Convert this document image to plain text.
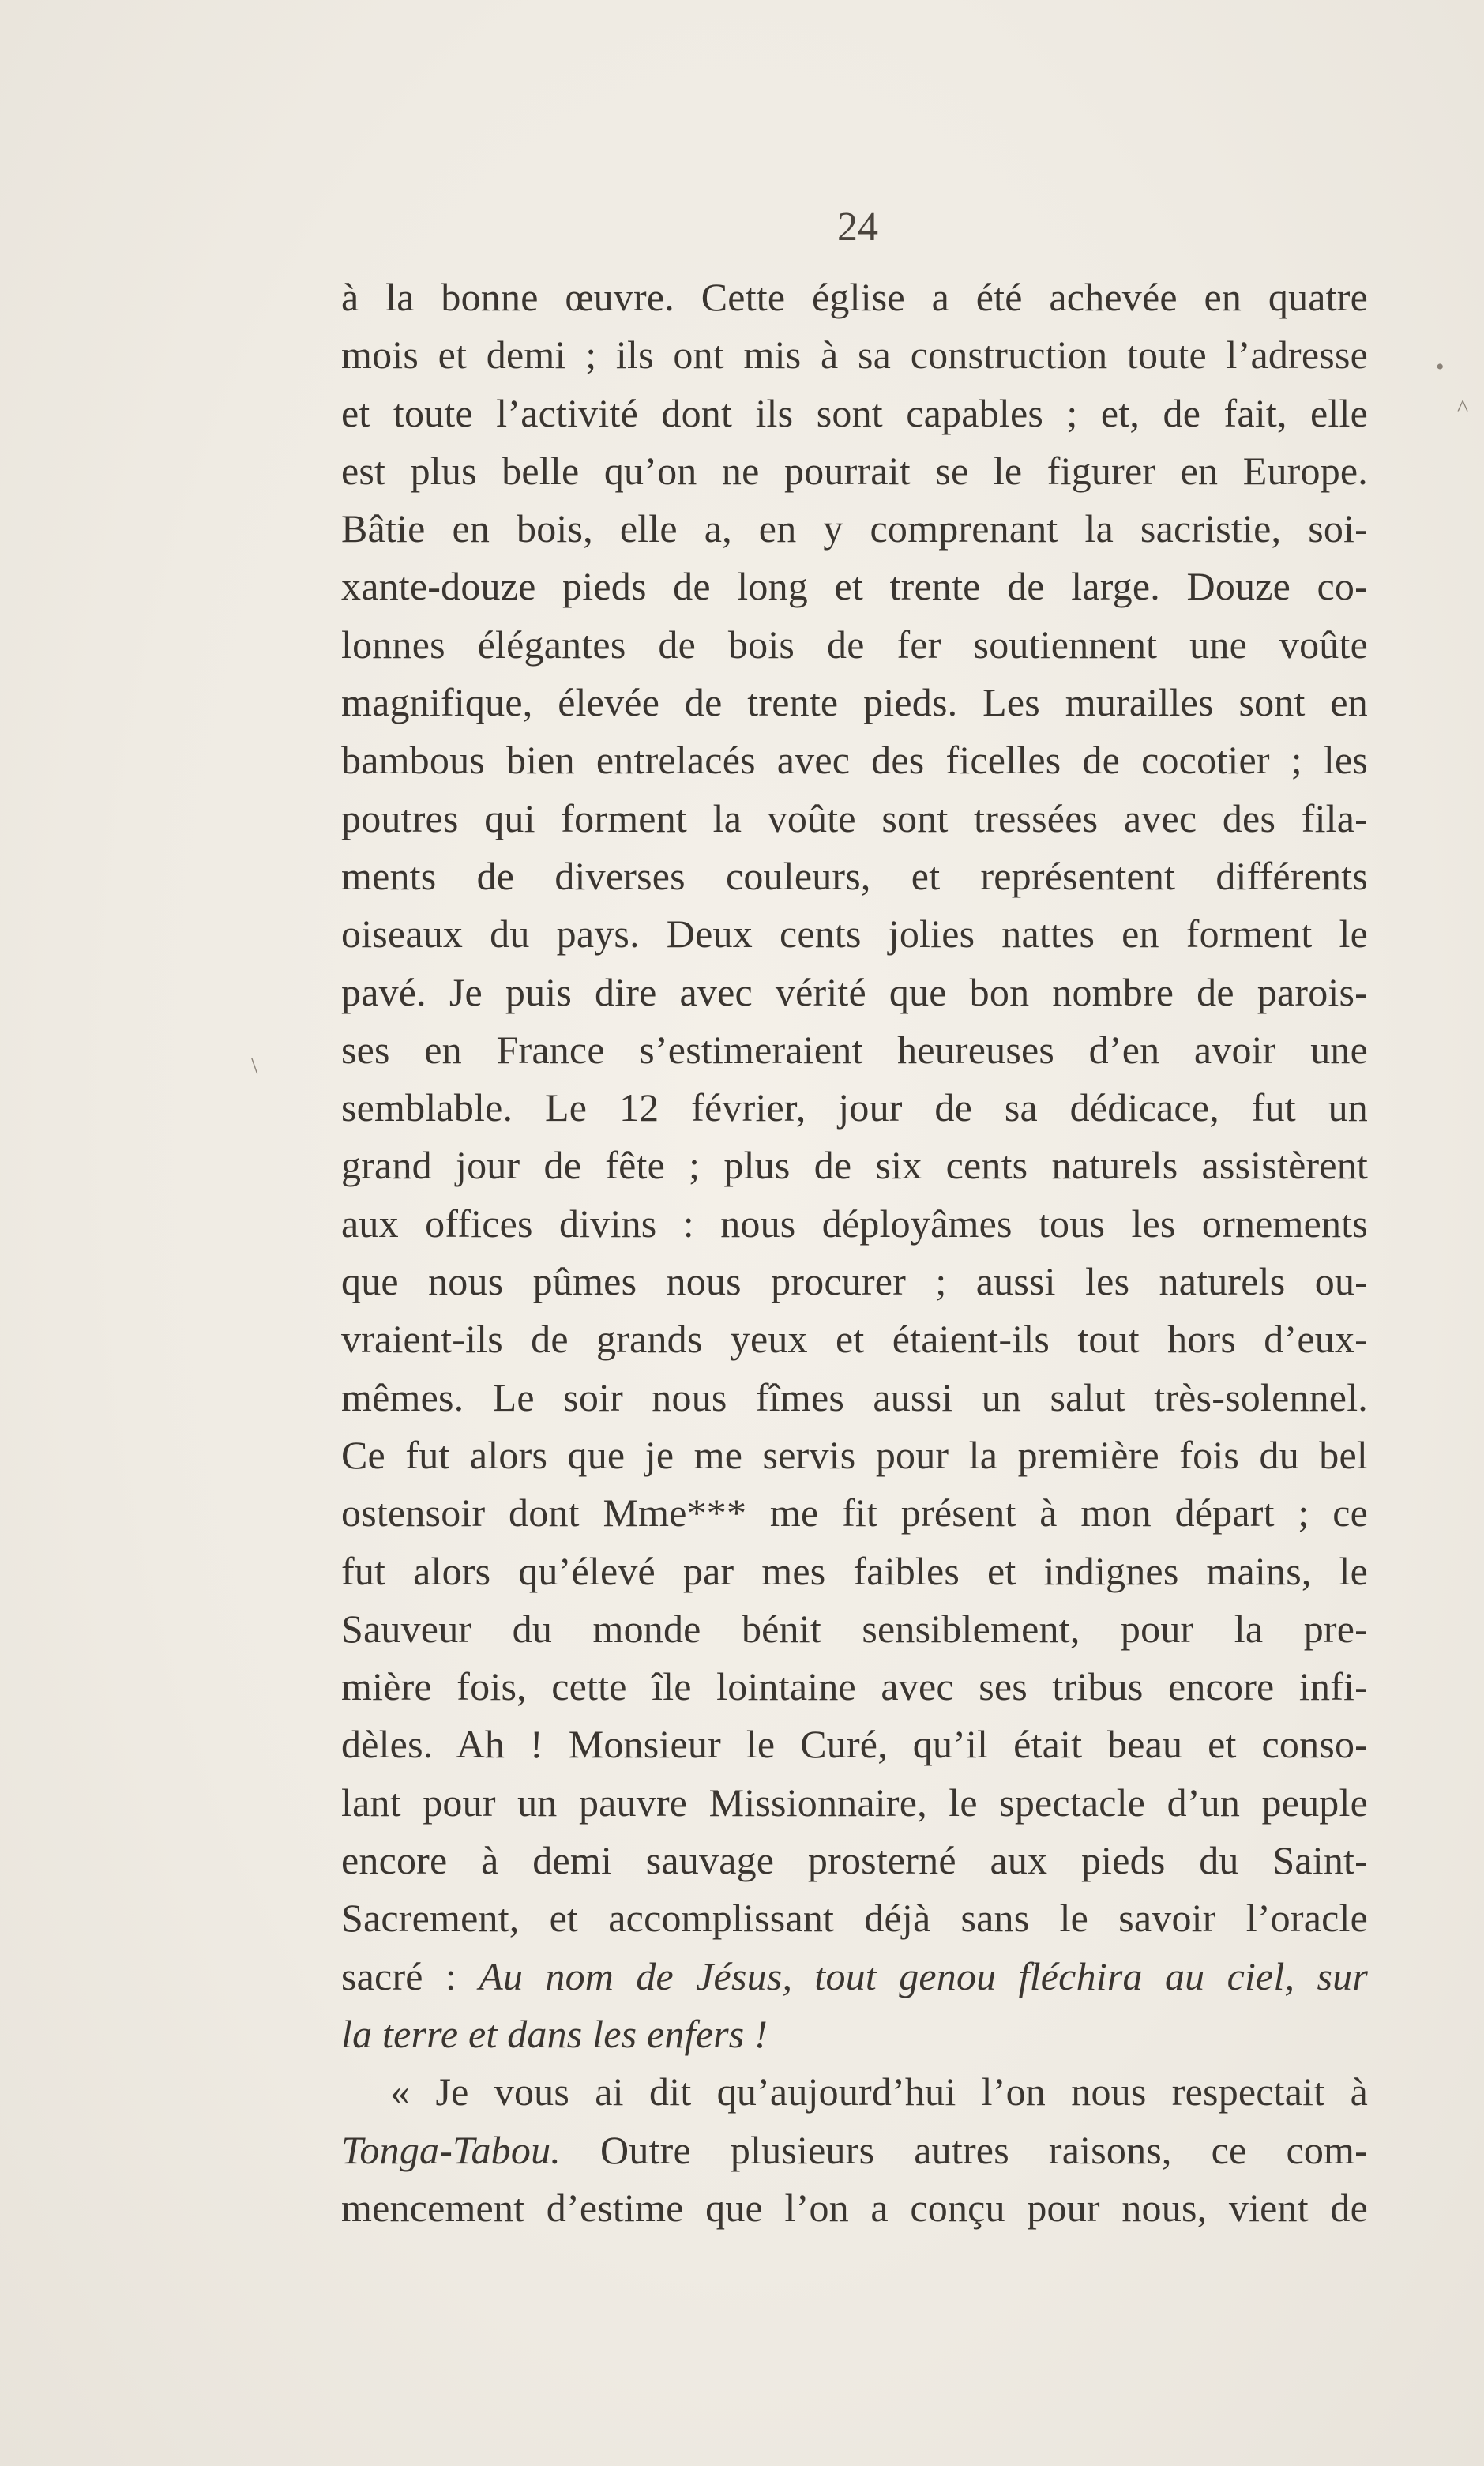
24
à la bonne œuvre. Cette église a été achevée en quatre
mois et demi ; ils ont mis à sa construction toute l’adresse
et toute l’activité dont ils sont capables ; et, de fait, elle
est plus belle qu’on ne pourrait se le figurer en Europe.
Bâtie en bois, elle a, en y comprenant la sacristie, soi-
xante-douze pieds de long et trente de large. Douze co-
lonnes élégantes de bois de fer soutiennent une voûte
magnifique, élevée de trente pieds. Les murailles sont en
bambous bien entrelacés avec des ficelles de cocotier ; les
poutres qui forment la voûte sont tressées avec des fila-
ments de diverses couleurs, et représentent différents
oiseaux du pays. Deux cents jolies nattes en forment le
pavé. Je puis dire avec vérité que bon nombre de parois-
ses en France s’estimeraient heureuses d’en avoir une
semblable. Le 12 février, jour de sa dédicace, fut un
grand jour de fête ; plus de six cents naturels assistèrent
aux offices divins : nous déployâmes tous les ornements
que nous pûmes nous procurer ; aussi les naturels ou-
vraient-ils de grands yeux et étaient-ils tout hors d’eux-
mêmes. Le soir nous fîmes aussi un salut très-solennel.
Ce fut alors que je me servis pour la première fois du bel
ostensoir dont Mme*** me fit présent à mon départ ; ce
fut alors qu’élevé par mes faibles et indignes mains, le
Sauveur du monde bénit sensiblement, pour la pre-
mière fois, cette île lointaine avec ses tribus encore infi-
dèles. Ah ! Monsieur le Curé, qu’il était beau et conso-
lant pour un pauvre Missionnaire, le spectacle d’un peuple
encore à demi sauvage prosterné aux pieds du Saint-
Sacrement, et accomplissant déjà sans le savoir l’oracle
sacré : Au nom de Jésus, tout genou fléchira au ciel, sur
la terre et dans les enfers !
« Je vous ai dit qu’aujourd’hui l’on nous respectait à
Tonga-Tabou. Outre plusieurs autres raisons, ce com-
mencement d’estime que l’on a conçu pour nous, vient de
•
^
\
